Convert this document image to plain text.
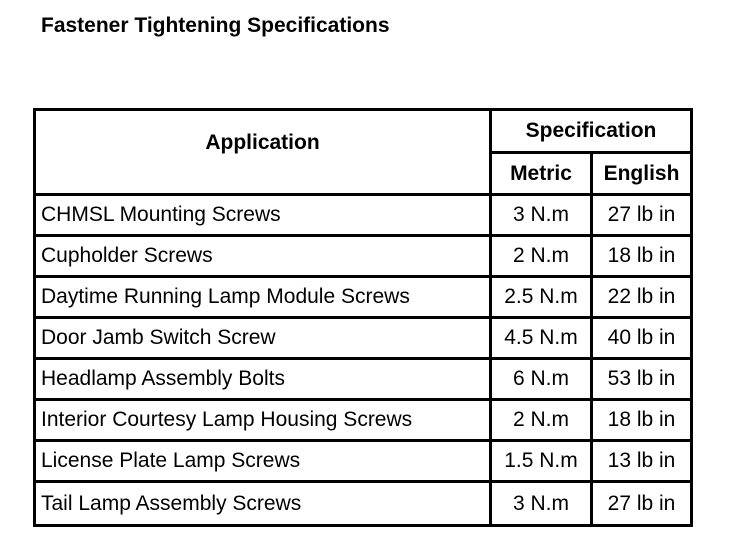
Fastener Tightening Specifications
Application	Specification	
	Metric	English
CHMSL Mounting Screws	3 N.m	27 lb in
Cupholder Screws	2 N.m	18 lb in
Daytime Running Lamp Module Screws	2.5 N.m	22 lb in
Door Jamb Switch Screw	4.5 N.m	40 lb in
Headlamp Assembly Bolts	6 N.m	53 lb in
Interior Courtesy Lamp Housing Screws	2 N.m	18 lb in
License Plate Lamp Screws	1.5 N.m	13 lb in
Tail Lamp Assembly Screws	3 N.m	27 lb in
